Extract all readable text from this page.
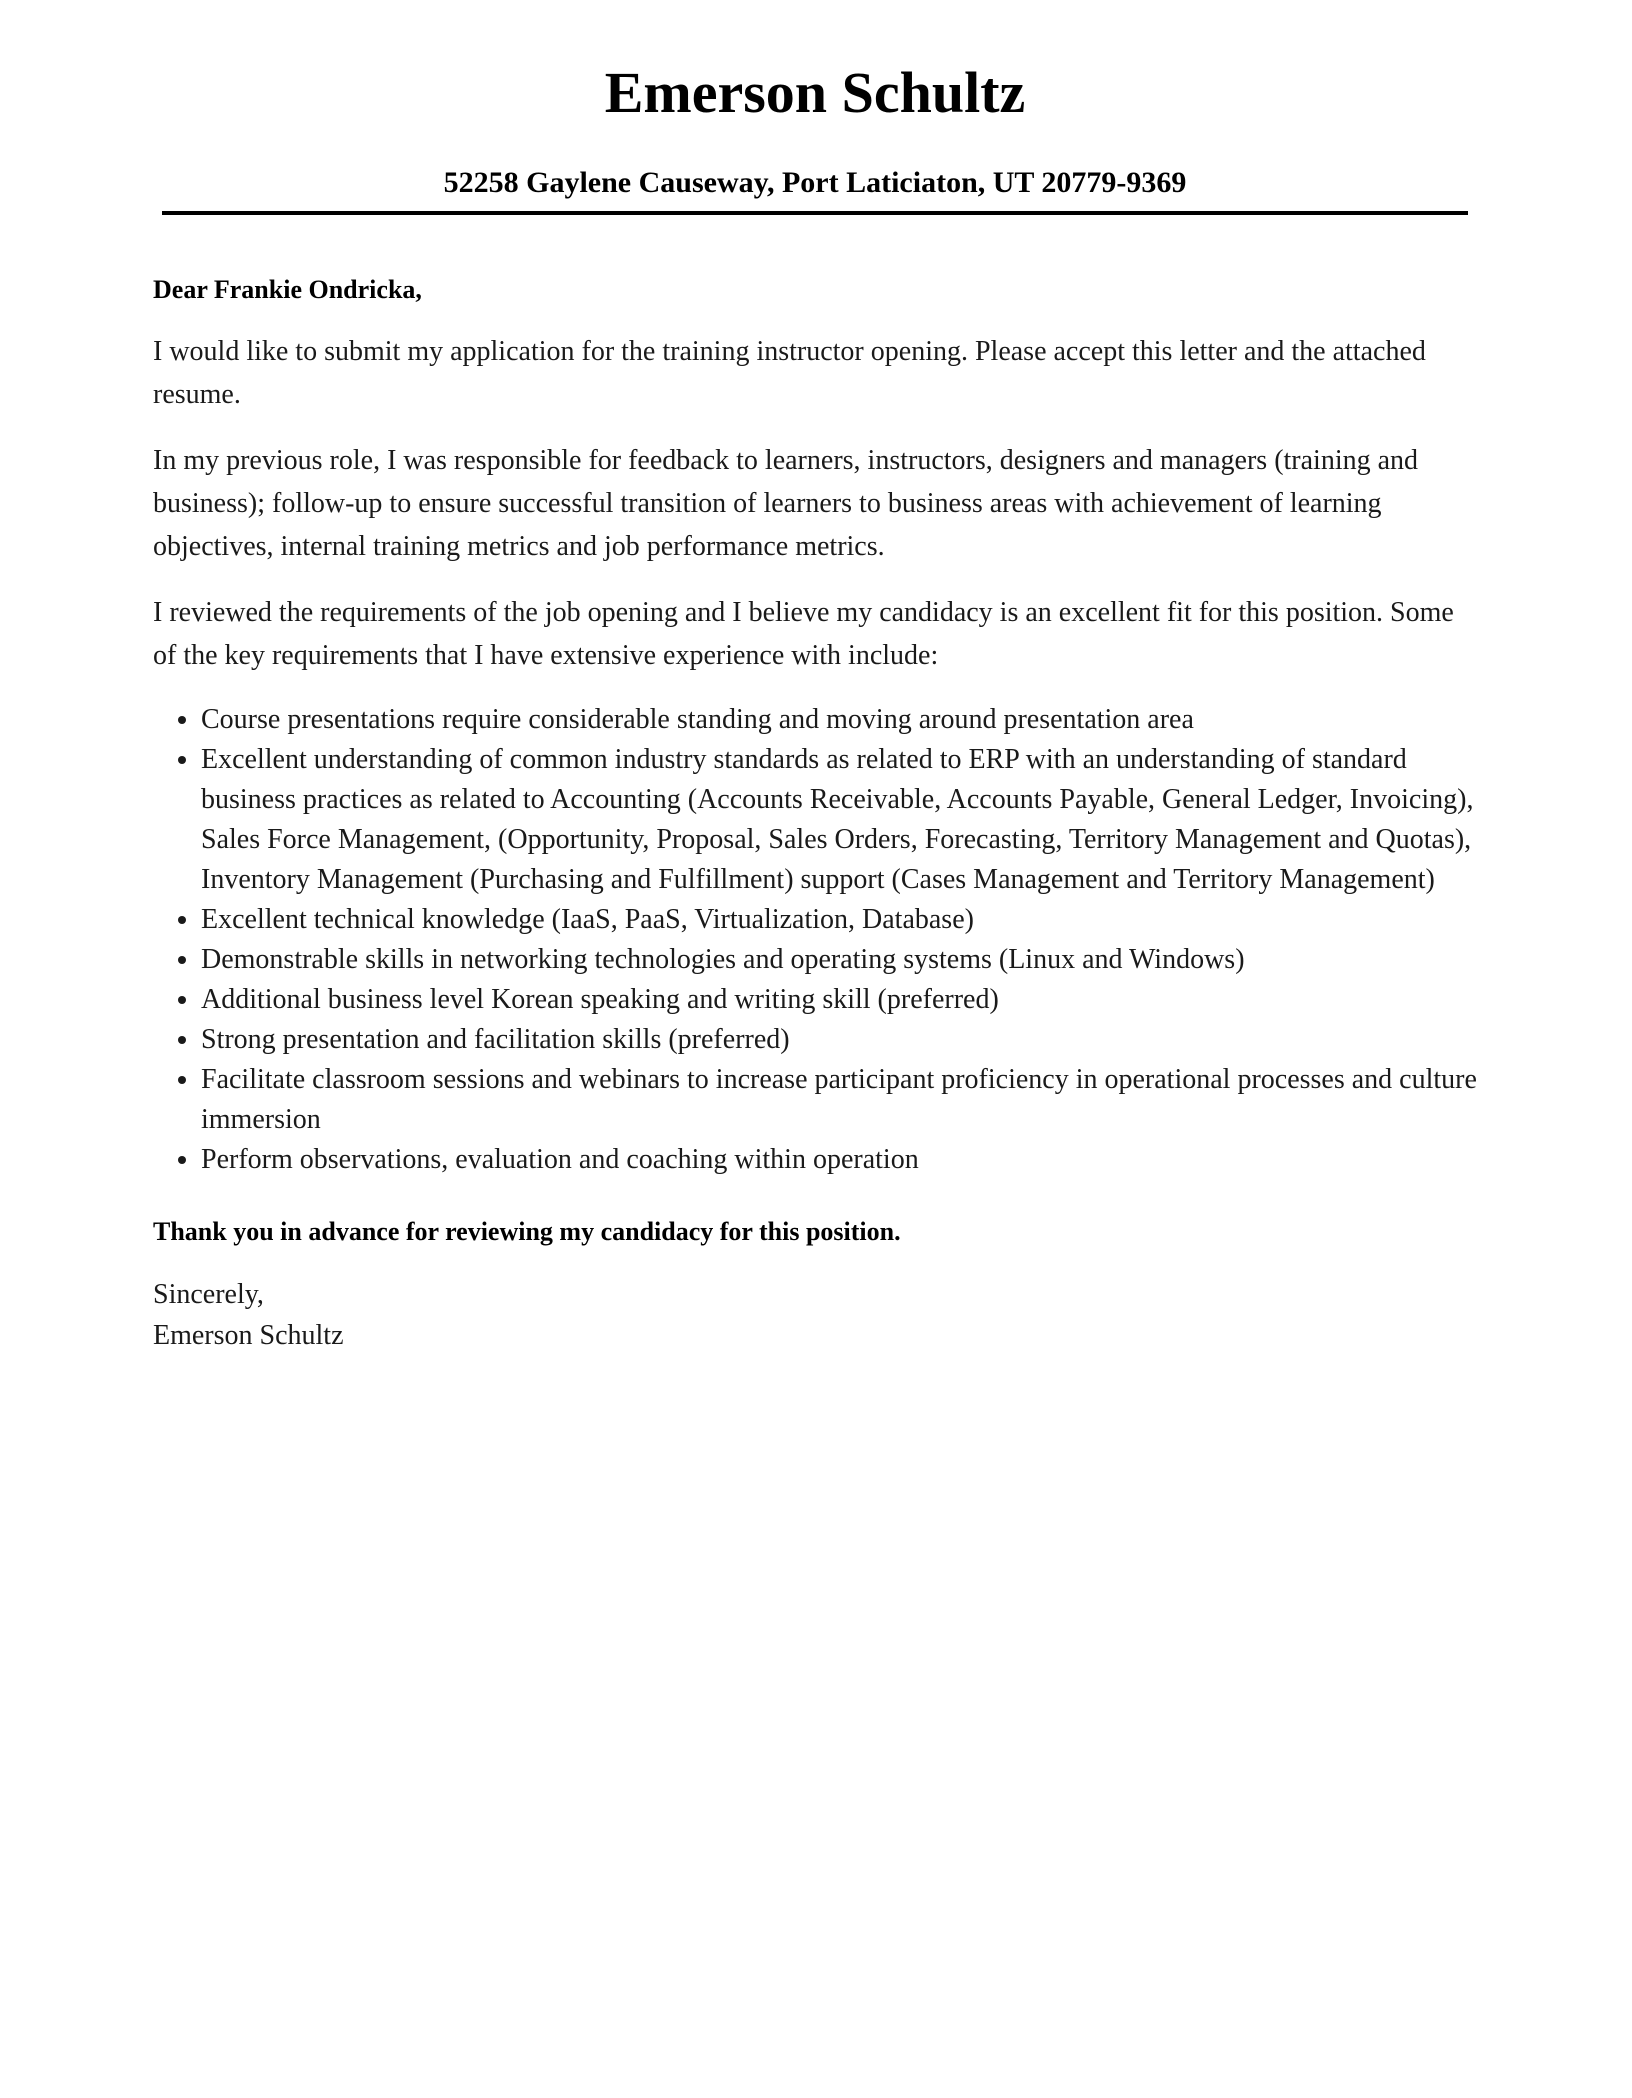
Emerson Schultz
52258 Gaylene Causeway, Port Laticiaton, UT 20779-9369

Dear Frankie Ondricka,

I would like to submit my application for the training instructor opening. Please accept this letter and the attached resume.

In my previous role, I was responsible for feedback to learners, instructors, designers and managers (training and business); follow-up to ensure successful transition of learners to business areas with achievement of learning objectives, internal training metrics and job performance metrics.

I reviewed the requirements of the job opening and I believe my candidacy is an excellent fit for this position. Some of the key requirements that I have extensive experience with include:

Course presentations require considerable standing and moving around presentation area
Excellent understanding of common industry standards as related to ERP with an understanding of standard business practices as related to Accounting (Accounts Receivable, Accounts Payable, General Ledger, Invoicing), Sales Force Management, (Opportunity, Proposal, Sales Orders, Forecasting, Territory Management and Quotas), Inventory Management (Purchasing and Fulfillment) support (Cases Management and Territory Management)
Excellent technical knowledge (IaaS, PaaS, Virtualization, Database)
Demonstrable skills in networking technologies and operating systems (Linux and Windows)
Additional business level Korean speaking and writing skill (preferred)
Strong presentation and facilitation skills (preferred)
Facilitate classroom sessions and webinars to increase participant proficiency in operational processes and culture immersion
Perform observations, evaluation and coaching within operation

Thank you in advance for reviewing my candidacy for this position.

Sincerely,

Emerson Schultz
